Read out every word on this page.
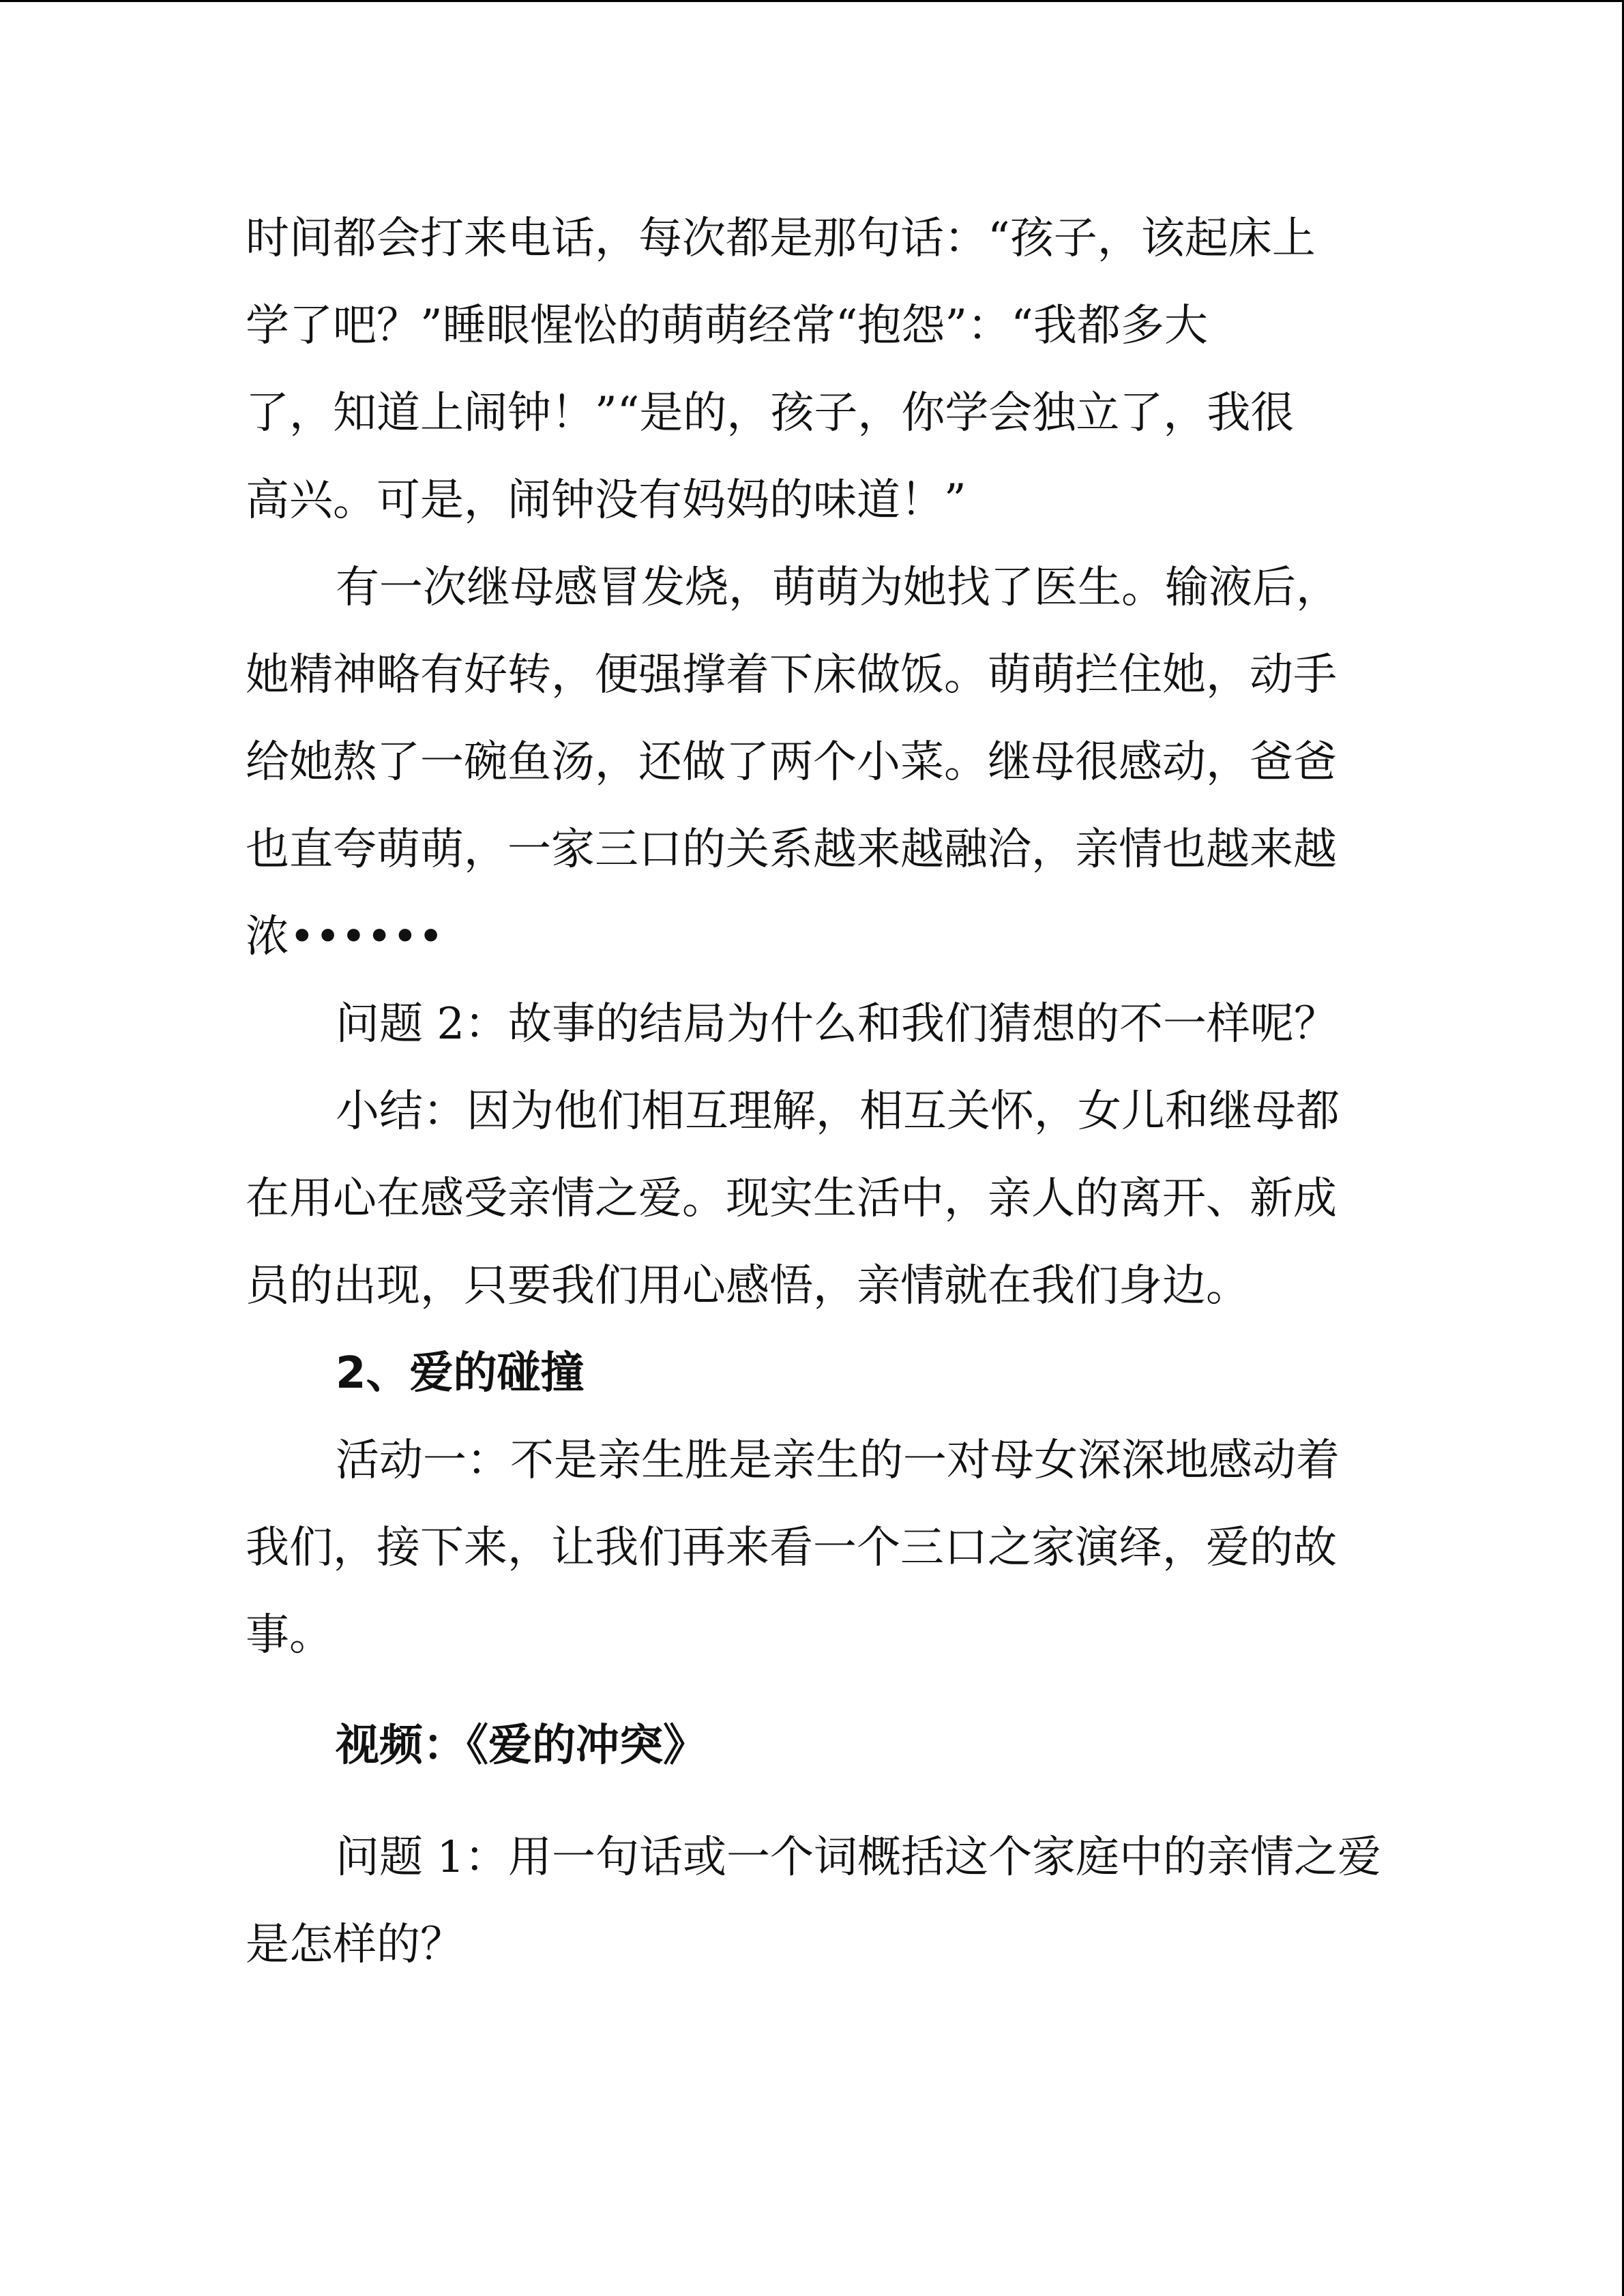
时间都会打来电话，每次都是那句话：“孩子，该起床上
学了吧？”睡眼惺忪的萌萌经常“抱怨”：“我都多大
了，知道上闹钟！”“是的，孩子，你学会独立了，我很
高兴。可是，闹钟没有妈妈的味道！”
有一次继母感冒发烧，萌萌为她找了医生。输液后，
她精神略有好转，便强撑着下床做饭。萌萌拦住她，动手
给她熬了一碗鱼汤，还做了两个小菜。继母很感动，爸爸
也直夸萌萌，一家三口的关系越来越融洽，亲情也越来越
浓••••••
问题 2：故事的结局为什么和我们猜想的不一样呢？
小结：因为他们相互理解，相互关怀，女儿和继母都
在用心在感受亲情之爱。现实生活中，亲人的离开、新成
员的出现，只要我们用心感悟，亲情就在我们身边。
2、爱的碰撞
活动一：不是亲生胜是亲生的一对母女深深地感动着
我们，接下来，让我们再来看一个三口之家演绎，爱的故
事。
视频：《爱的冲突》
问题 1：用一句话或一个词概括这个家庭中的亲情之爱
是怎样的？
